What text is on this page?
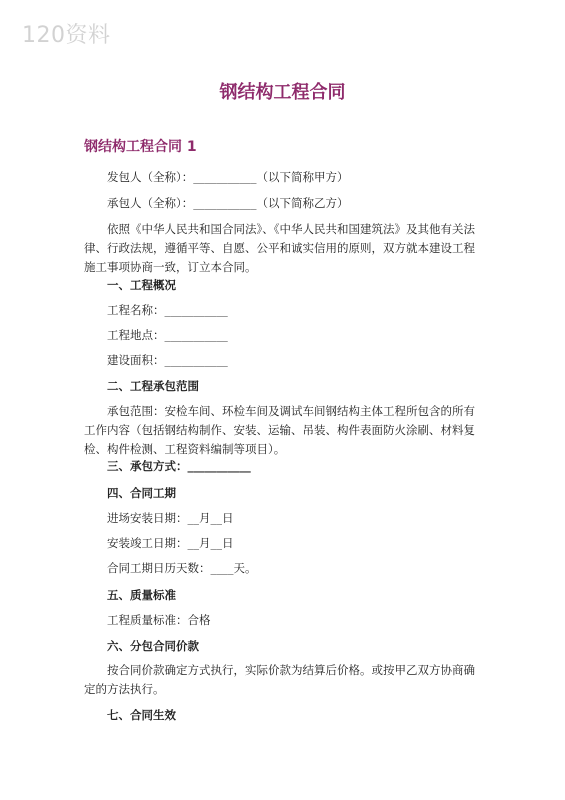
120资料
钢结构工程合同
钢结构工程合同 1
发包人（全称）：___________（以下简称甲方）
承包人（全称）：___________（以下简称乙方）
依照《中华人民共和国合同法》、《中华人民共和国建筑法》及其他有关法律、行政法规，遵循平等、自愿、公平和诚实信用的原则，双方就本建设工程施工事项协商一致，订立本合同。
一、工程概况
工程名称：___________
工程地点：___________
建设面积：___________
二、工程承包范围
承包范围：安检车间、环检车间及调试车间钢结构主体工程所包含的所有工作内容（包括钢结构制作、安装、运输、吊装、构件表面防火涂刷、材料复检、构件检测、工程资料编制等项目）。
三、承包方式：___________
四、合同工期
进场安装日期：__月__日
安装竣工日期：__月__日
合同工期日历天数：____天。
五、质量标准
工程质量标准：合格
六、分包合同价款
按合同价款确定方式执行，实际价款为结算后价格。或按甲乙双方协商确定的方法执行。
七、合同生效
